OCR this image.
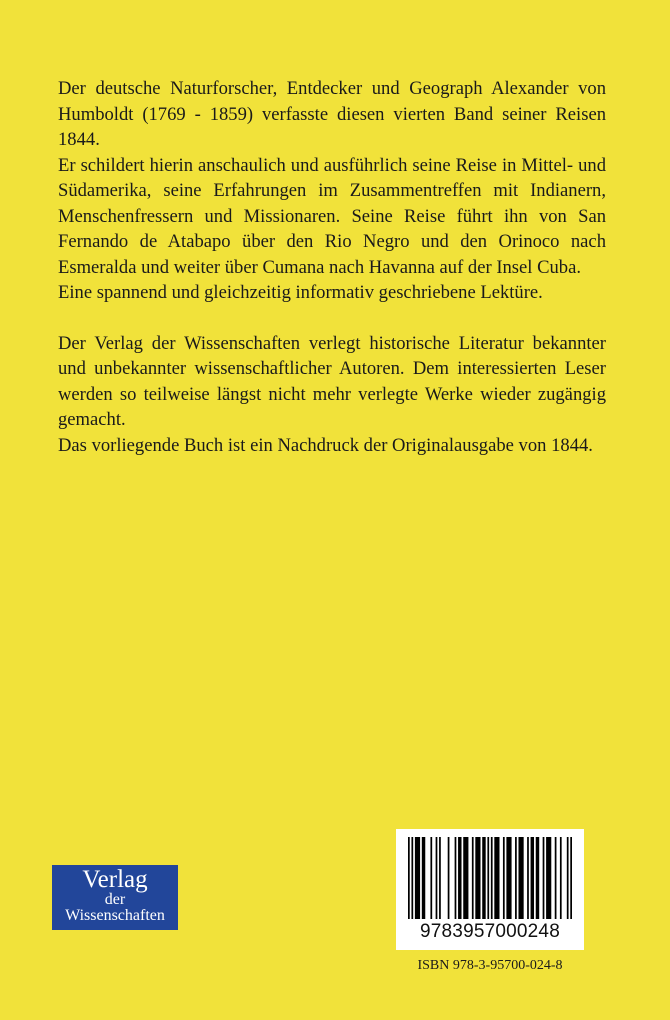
Der deutsche Naturforscher, Entdecker und Geograph Alexander von Humboldt (1769 - 1859) verfasste diesen vierten Band seiner Reisen 1844.

Er schildert hierin anschaulich und ausführlich seine Reise in Mittel- und Südamerika, seine Erfahrungen im Zusammentreffen mit Indianern, Menschenfressern und Missionaren. Seine Reise führt ihn von San Fernando de Atabapo über den Rio Negro und den Orinoco nach Esmeralda und weiter über Cumana nach Havanna auf der Insel Cuba.

Eine spannend und gleichzeitig informativ geschriebene Lektüre.

Der Verlag der Wissenschaften verlegt historische Literatur bekannter und unbekannter wissenschaftlicher Autoren. Dem interessierten Leser werden so teilweise längst nicht mehr verlegte Werke wieder zugängig gemacht.

Das vorliegende Buch ist ein Nachdruck der Originalausgabe von 1844.

Verlag
der
Wissenschaften
9783957000248
ISBN 978-3-95700-024-8
